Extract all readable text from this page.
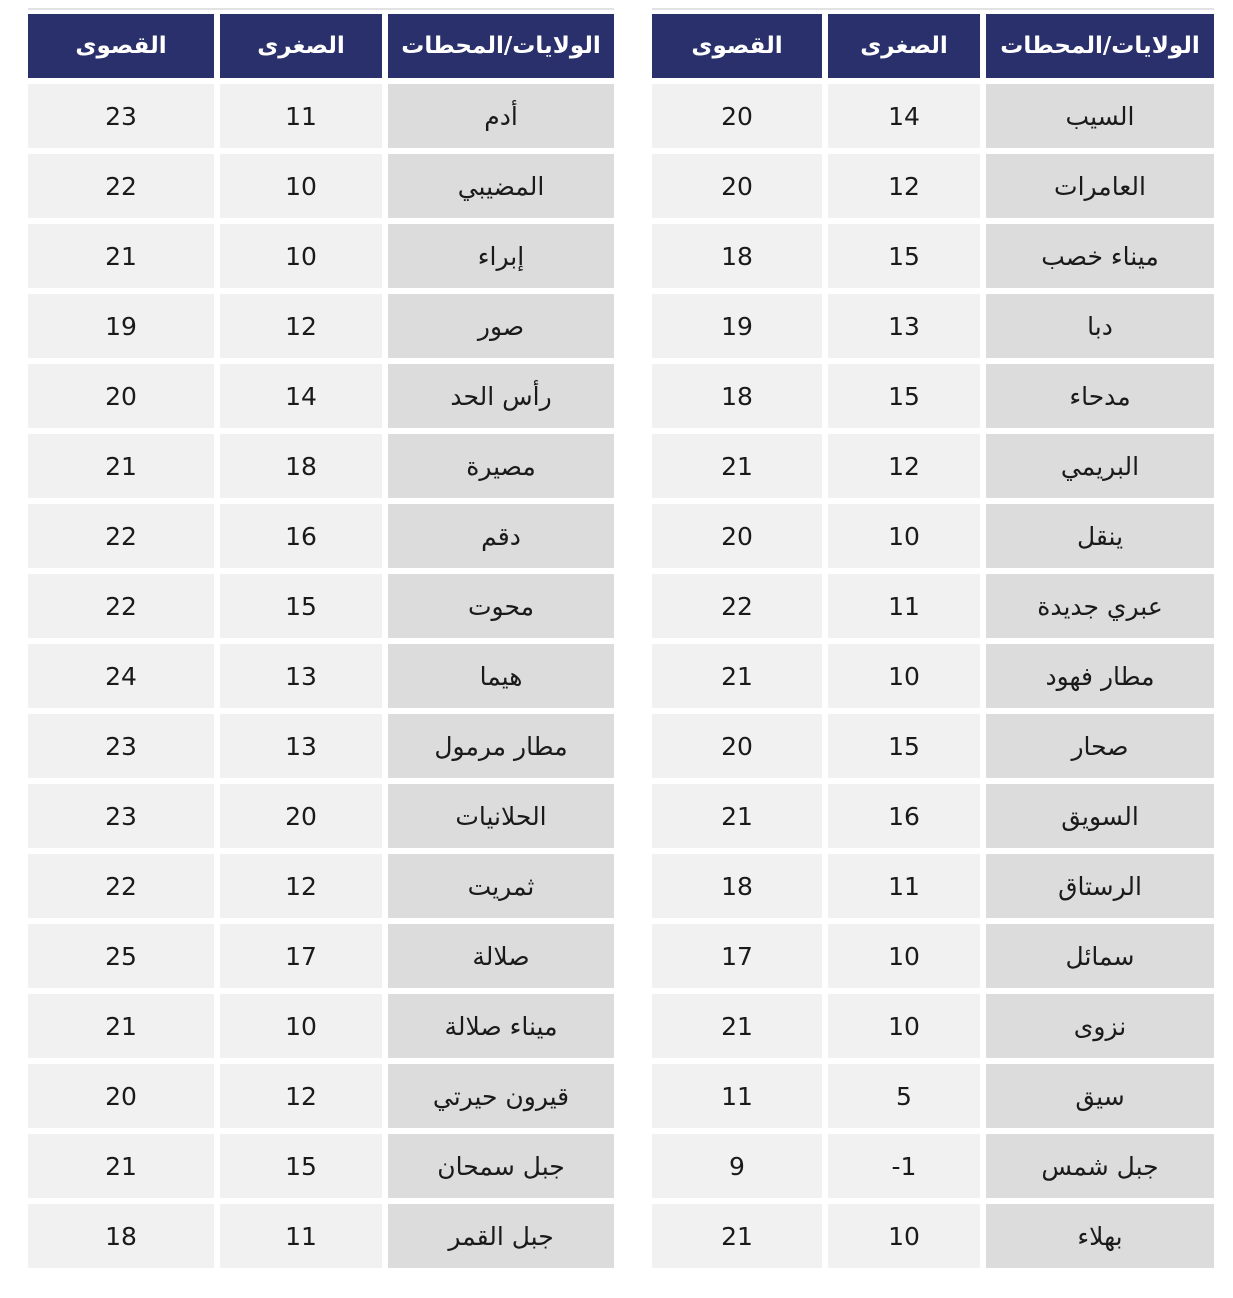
القصوى	الصغرى	الولايات/المحطات
20	14	السيب
20	12	العامرات
18	15	ميناء خصب
19	13	دبا
18	15	مدحاء
21	12	البريمي
20	10	ينقل
22	11	عبري جديدة
21	10	مطار فهود
20	15	صحار
21	16	السويق
18	11	الرستاق
17	10	سمائل
21	10	نزوى
11	5	سيق
9	-1	جبل شمس
21	10	بهلاء
القصوى	الصغرى	الولايات/المحطات
23	11	أدم
22	10	المضيبي
21	10	إبراء
19	12	صور
20	14	رأس الحد
21	18	مصيرة
22	16	دقم
22	15	محوت
24	13	هيما
23	13	مطار مرمول
23	20	الحلانيات
22	12	ثمريت
25	17	صلالة
21	10	ميناء صلالة
20	12	قيرون حيرتي
21	15	جبل سمحان
18	11	جبل القمر
